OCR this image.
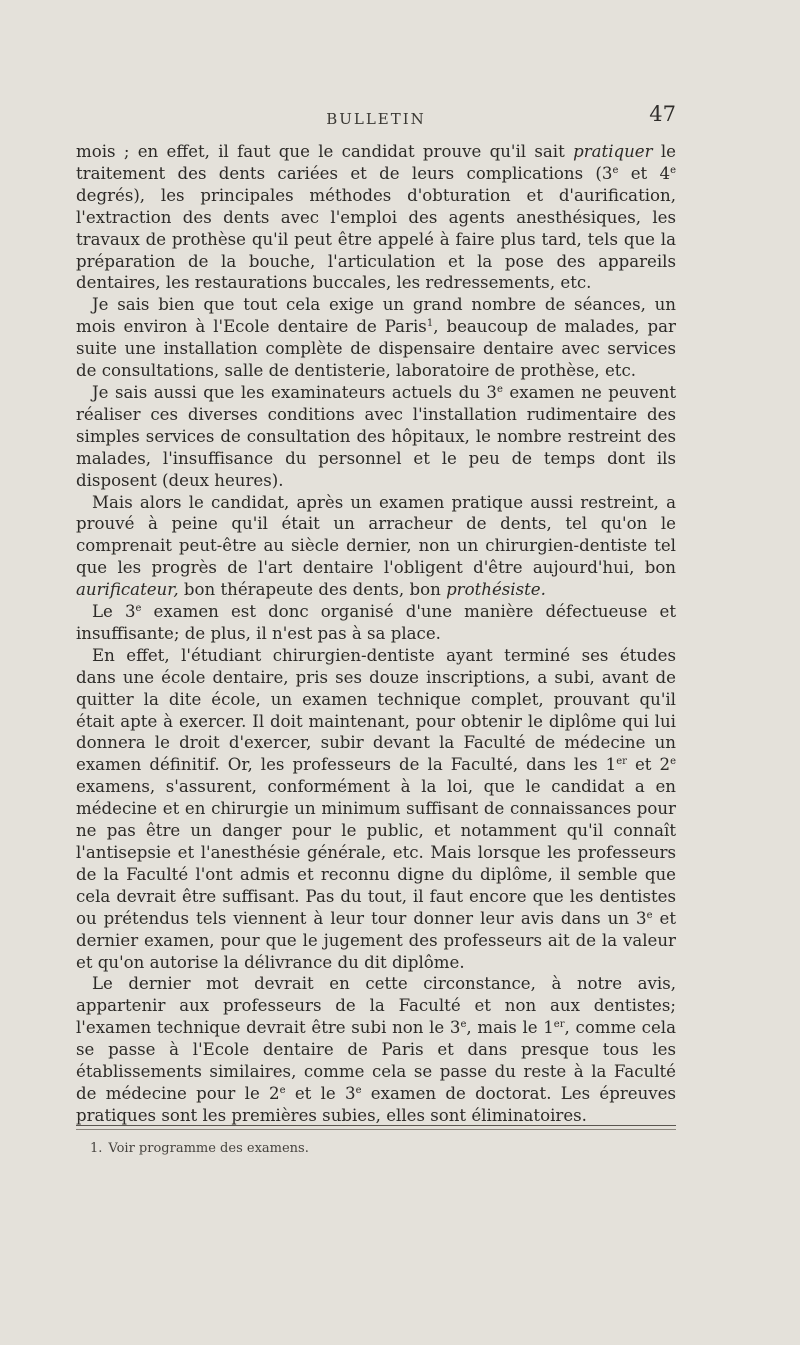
BULLETIN	47

mois ; en effet, il faut que le candidat prouve qu'il sait pratiquer le traitement des dents cariées et de leurs complications (3e et 4e degrés), les principales méthodes d'obturation et d'aurification, l'extraction des dents avec l'emploi des agents anesthésiques, les travaux de prothèse qu'il peut être appelé à faire plus tard, tels que la préparation de la bouche, l'articulation et la pose des appareils dentaires, les restaurations buccales, les redressements, etc.

Je sais bien que tout cela exige un grand nombre de séances, un mois environ à l'Ecole dentaire de Paris$^1$, beaucoup de malades, par suite une installation complète de dispensaire dentaire avec services de consultations, salle de dentisterie, laboratoire de prothèse, etc.

Je sais aussi que les examinateurs actuels du 3e examen ne peuvent réaliser ces diverses conditions avec l'installation rudimentaire des simples services de consultation des hôpitaux, le nombre restreint des malades, l'insuffisance du personnel et le peu de temps dont ils disposent (deux heures).

Mais alors le candidat, après un examen pratique aussi restreint, a prouvé à peine qu'il était un arracheur de dents, tel qu'on le comprenait peut-être au siècle dernier, non un chirurgien-dentiste tel que les progrès de l'art dentaire l'obligent d'être aujourd'hui, bon aurificateur, bon thérapeute des dents, bon prothésiste.

Le 3e examen est donc organisé d'une manière défectueuse et insuffisante; de plus, il n'est pas à sa place.

En effet, l'étudiant chirurgien-dentiste ayant terminé ses études dans une école dentaire, pris ses douze inscriptions, a subi, avant de quitter la dite école, un examen technique complet, prouvant qu'il était apte à exercer. Il doit maintenant, pour obtenir le diplôme qui lui donnera le droit d'exercer, subir devant la Faculté de médecine un examen définitif. Or, les professeurs de la Faculté, dans les 1er et 2e examens, s'assurent, conformément à la loi, que le candidat a en médecine et en chirurgie un minimum suffisant de connaissances pour ne pas être un danger pour le public, et notamment qu'il connaît l'antisepsie et l'anesthésie générale, etc. Mais lorsque les professeurs de la Faculté l'ont admis et reconnu digne du diplôme, il semble que cela devrait être suffisant. Pas du tout, il faut encore que les dentistes ou prétendus tels viennent à leur tour donner leur avis dans un 3e et dernier examen, pour que le jugement des professeurs ait de la valeur et qu'on autorise la délivrance du dit diplôme.

Le dernier mot devrait en cette circonstance, à notre avis, appartenir aux professeurs de la Faculté et non aux dentistes; l'examen technique devrait être subi non le 3e, mais le 1er, comme cela se passe à l'Ecole dentaire de Paris et dans presque tous les établissements similaires, comme cela se passe du reste à la Faculté de médecine pour le 2e et le 3e examen de doctorat. Les épreuves pratiques sont les premières subies, elles sont éliminatoires.

1. Voir programme des examens.
